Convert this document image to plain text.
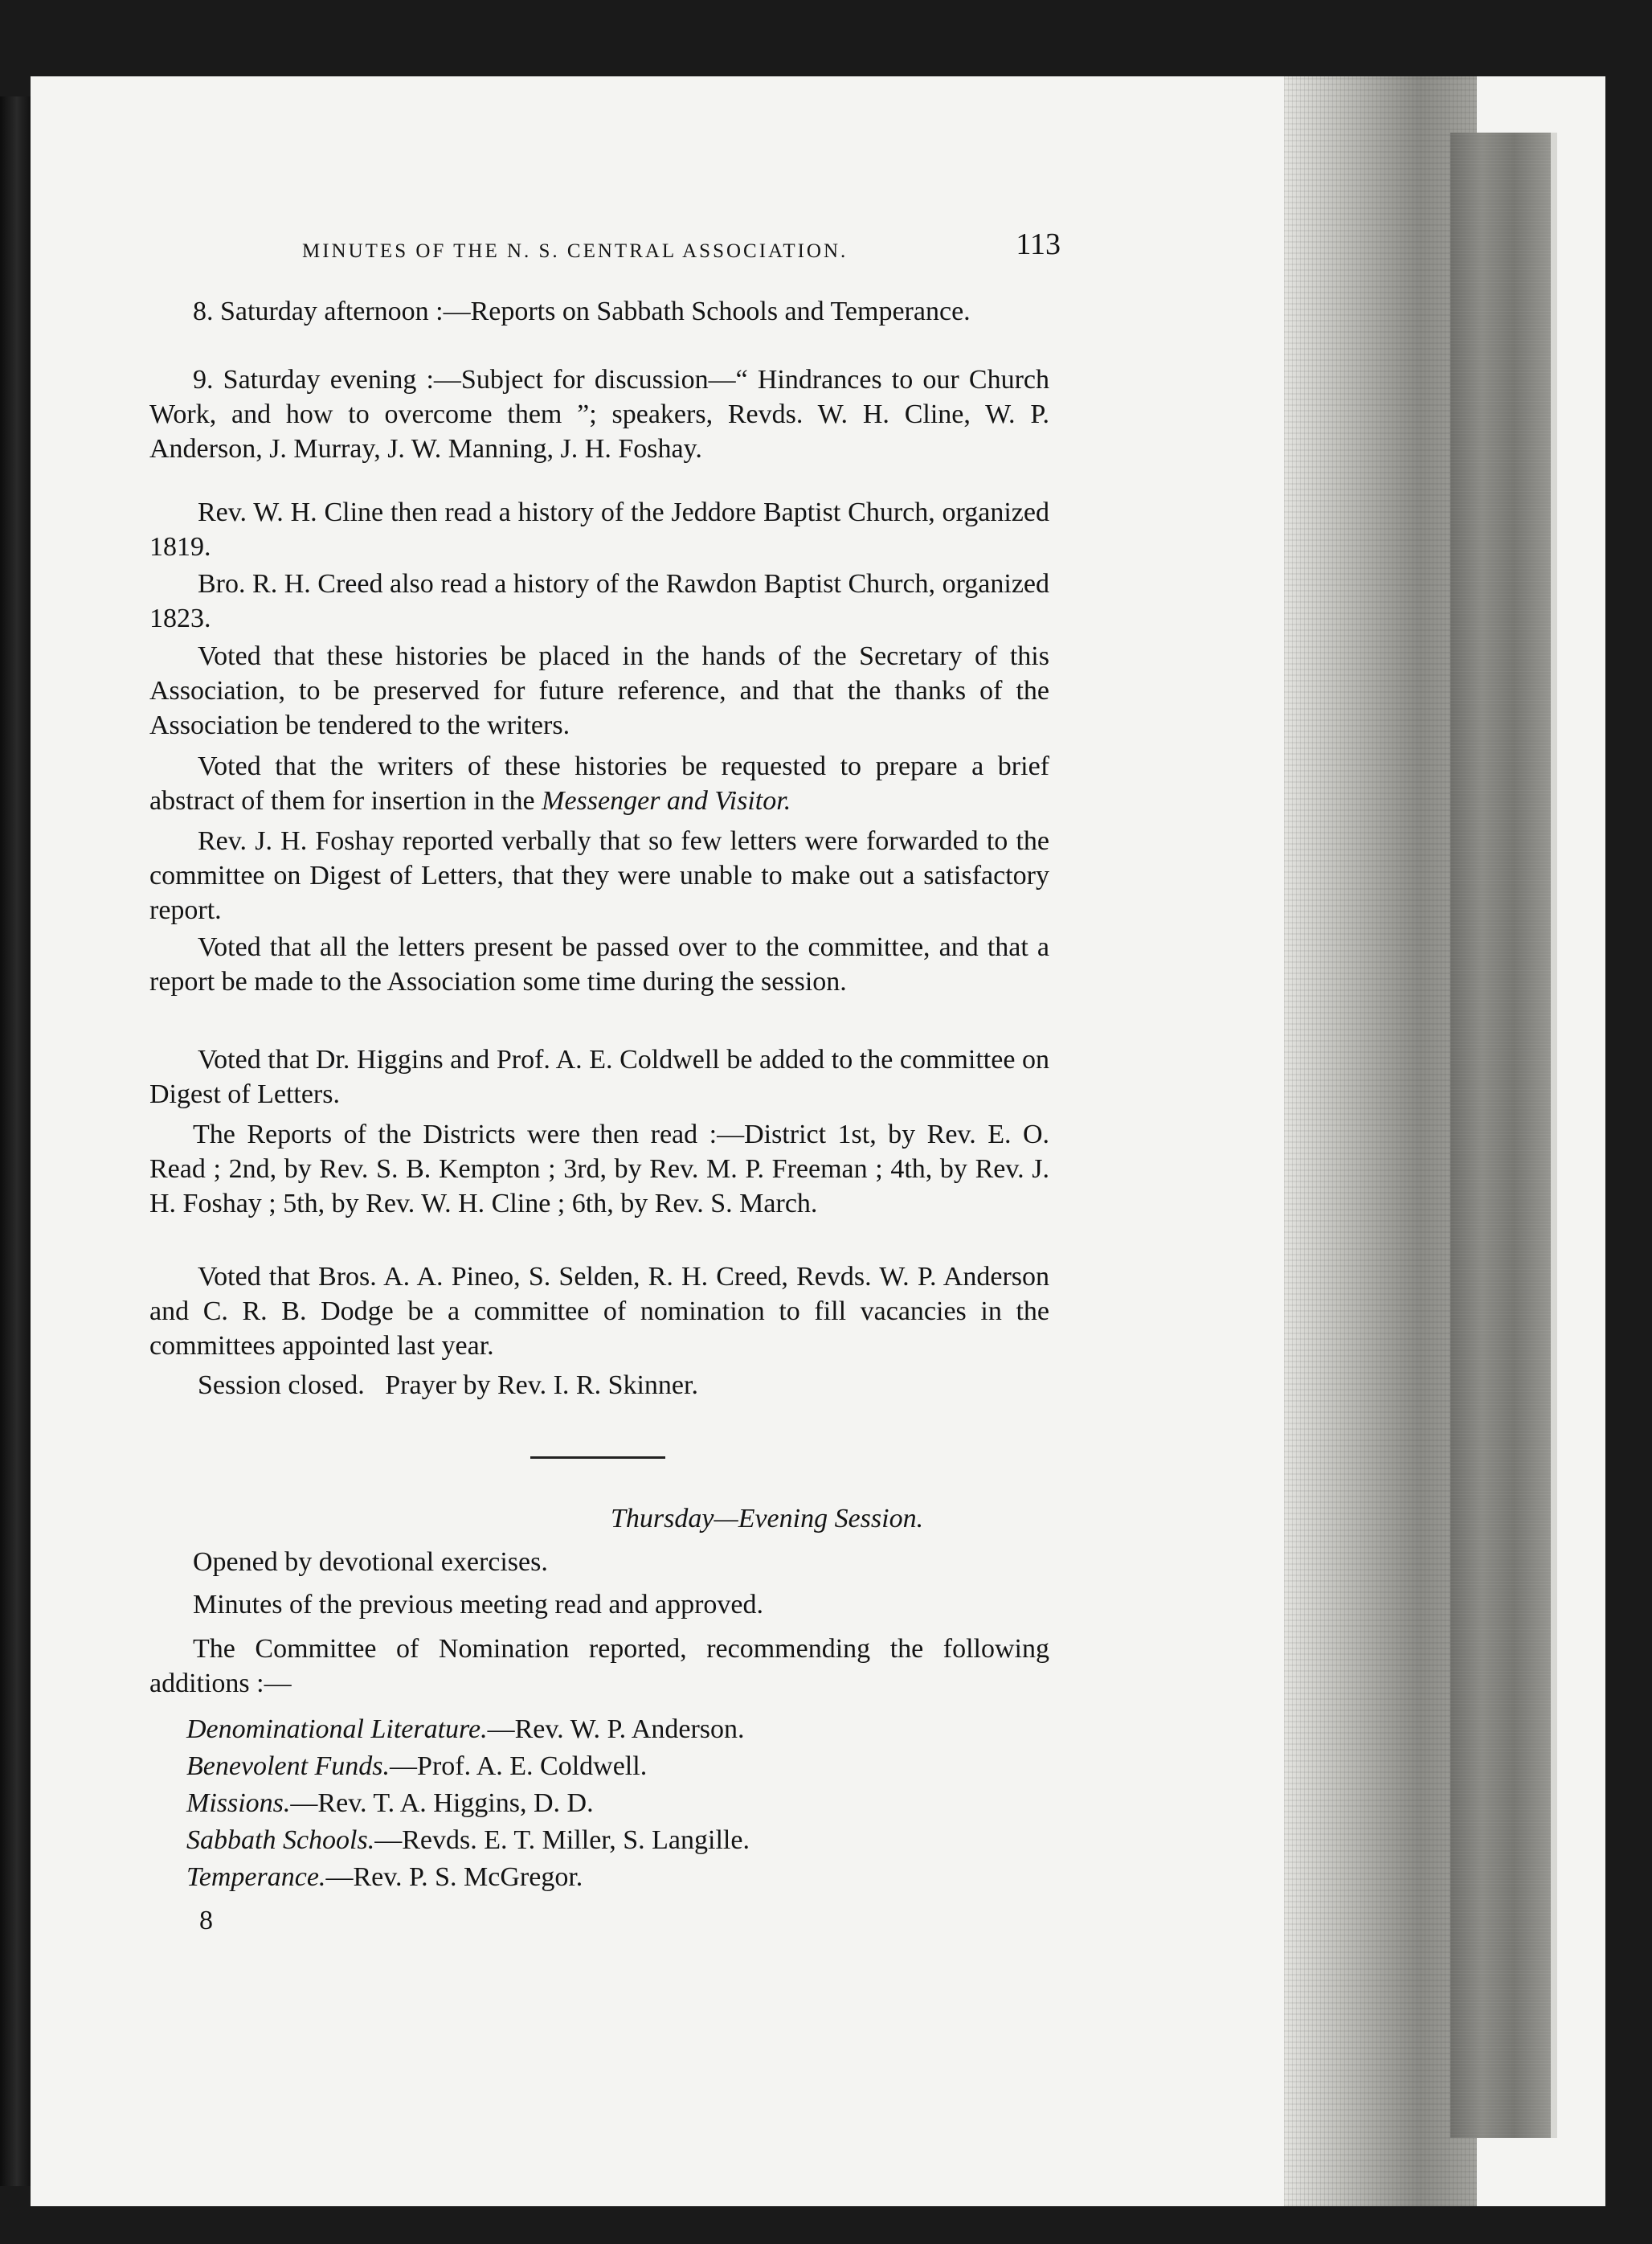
MINUTES OF THE N. S. CENTRAL ASSOCIATION.	113

8. Saturday afternoon :—Reports on Sabbath Schools and Temperance.

9. Saturday evening :—Subject for discussion—“ Hindrances to our Church Work, and how to overcome them ”; speakers, Revds. W. H. Cline, W. P. Anderson, J. Murray, J. W. Manning, J. H. Foshay.

Rev. W. H. Cline then read a history of the Jeddore Baptist Church, organized 1819.

Bro. R. H. Creed also read a history of the Rawdon Baptist Church, organized 1823.

Voted that these histories be placed in the hands of the Secretary of this Association, to be preserved for future reference, and that the thanks of the Association be tendered to the writers.

Voted that the writers of these histories be requested to prepare a brief abstract of them for insertion in the Messenger and Visitor.

Rev. J. H. Foshay reported verbally that so few letters were forwarded to the committee on Digest of Letters, that they were unable to make out a satisfactory report.

Voted that all the letters present be passed over to the committee, and that a report be made to the Association some time during the session.

Voted that Dr. Higgins and Prof. A. E. Coldwell be added to the committee on Digest of Letters.

The Reports of the Districts were then read :—District 1st, by Rev. E. O. Read ; 2nd, by Rev. S. B. Kempton ; 3rd, by Rev. M. P. Freeman ; 4th, by Rev. J. H. Foshay ; 5th, by Rev. W. H. Cline ; 6th, by Rev. S. March.

Voted that Bros. A. A. Pineo, S. Selden, R. H. Creed, Revds. W. P. Anderson and C. R. B. Dodge be a committee of nomination to fill vacancies in the committees appointed last year.

Session closed.   Prayer by Rev. I. R. Skinner.

Thursday—Evening Session.

Opened by devotional exercises.

Minutes of the previous meeting read and approved.

The Committee of Nomination reported, recommending the following additions :—

Denominational Literature.—Rev. W. P. Anderson.
Benevolent Funds.—Prof. A. E. Coldwell.
Missions.—Rev. T. A. Higgins, D. D.
Sabbath Schools.—Revds. E. T. Miller, S. Langille.
Temperance.—Rev. P. S. McGregor.
8
